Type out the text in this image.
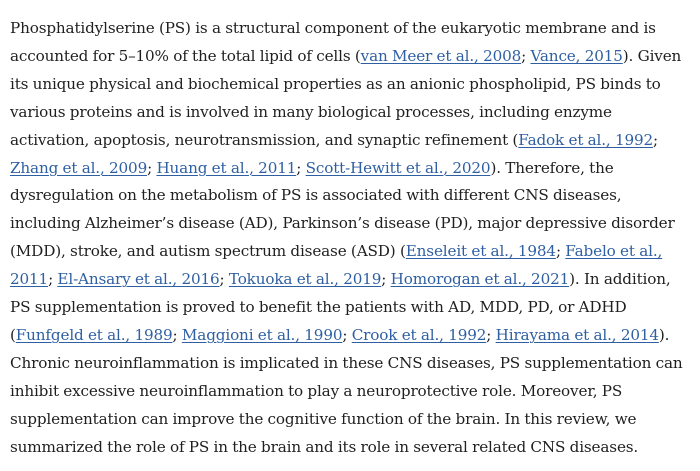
Phosphatidylserine (PS) is a structural component of the eukaryotic membrane and is accounted for 5–10% of the total lipid of cells (van Meer et al., 2008; Vance, 2015). Given its unique physical and biochemical properties as an anionic phospholipid, PS binds to various proteins and is involved in many biological processes, including enzyme activation, apoptosis, neurotransmission, and synaptic refinement (Fadok et al., 1992; Zhang et al., 2009; Huang et al., 2011; Scott-Hewitt et al., 2020). Therefore, the dysregulation on the metabolism of PS is associated with different CNS diseases, including Alzheimer’s disease (AD), Parkinson’s disease (PD), major depressive disorder (MDD), stroke, and autism spectrum disease (ASD) (Enseleit et al., 1984; Fabelo et al., 2011; El-Ansary et al., 2016; Tokuoka et al., 2019; Homorogan et al., 2021). In addition, PS supplementation is proved to benefit the patients with AD, MDD, PD, or ADHD (Funfgeld et al., 1989; Maggioni et al., 1990; Crook et al., 1992; Hirayama et al., 2014). Chronic neuroinflammation is implicated in these CNS diseases, PS supplementation can inhibit excessive neuroinflammation to play a neuroprotective role. Moreover, PS supplementation can improve the cognitive function of the brain. In this review, we summarized the role of PS in the brain and its role in several related CNS diseases.
